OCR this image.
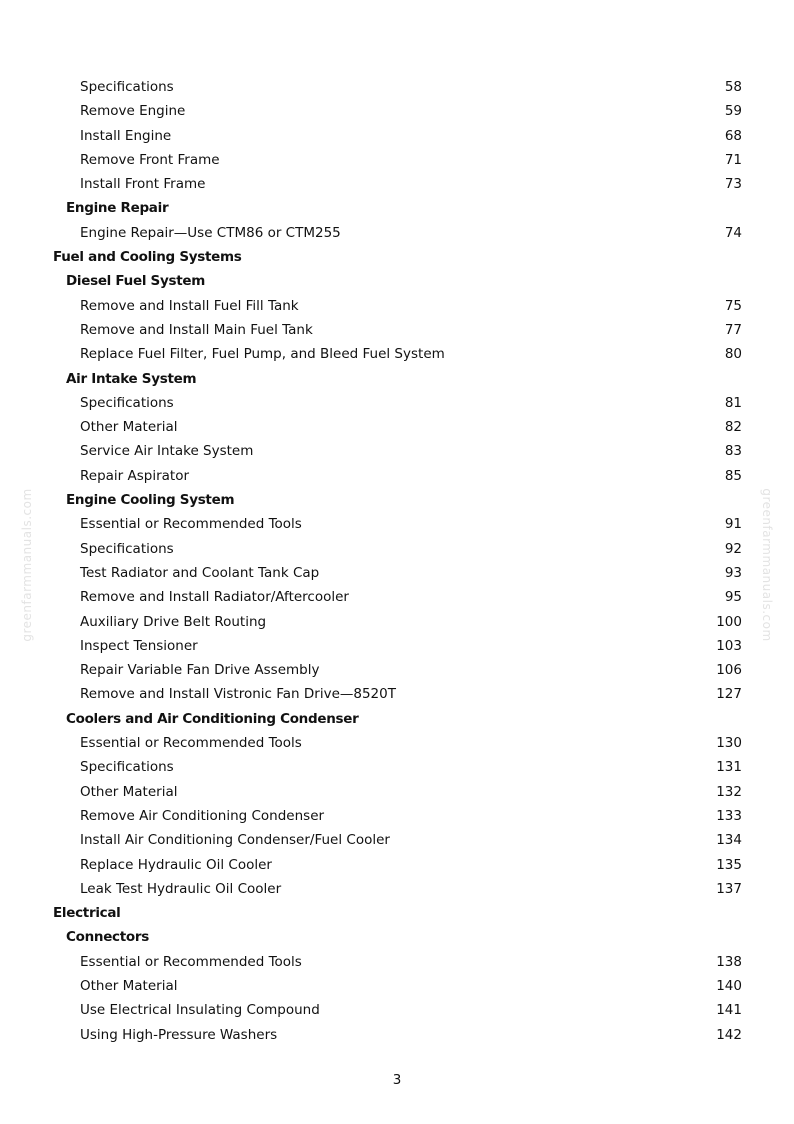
greenfarmmanuals.com	greenfarmmanuals.com
Specifications	58
Remove Engine	59
Install Engine	68
Remove Front Frame	71
Install Front Frame	73
Engine Repair
Engine Repair—Use CTM86 or CTM255	74
Fuel and Cooling Systems
Diesel Fuel System
Remove and Install Fuel Fill Tank	75
Remove and Install Main Fuel Tank	77
Replace Fuel Filter, Fuel Pump, and Bleed Fuel System	80
Air Intake System
Specifications	81
Other Material	82
Service Air Intake System	83
Repair Aspirator	85
Engine Cooling System
Essential or Recommended Tools	91
Specifications	92
Test Radiator and Coolant Tank Cap	93
Remove and Install Radiator/Aftercooler	95
Auxiliary Drive Belt Routing	100
Inspect Tensioner	103
Repair Variable Fan Drive Assembly	106
Remove and Install Vistronic Fan Drive—8520T	127
Coolers and Air Conditioning Condenser
Essential or Recommended Tools	130
Specifications	131
Other Material	132
Remove Air Conditioning Condenser	133
Install Air Conditioning Condenser/Fuel Cooler	134
Replace Hydraulic Oil Cooler	135
Leak Test Hydraulic Oil Cooler	137
Electrical
Connectors
Essential or Recommended Tools	138
Other Material	140
Use Electrical Insulating Compound	141
Using High-Pressure Washers	142
3
